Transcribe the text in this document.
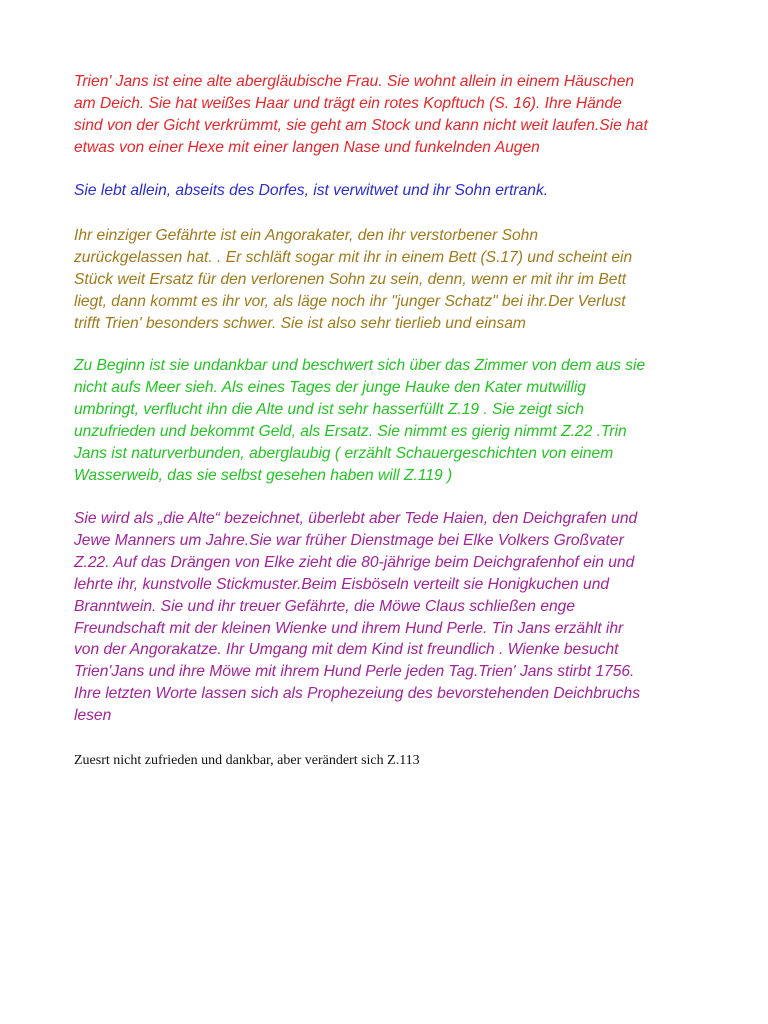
Trien' Jans ist eine alte abergläubische Frau. Sie wohnt allein in einem Häuschen
am Deich. Sie hat weißes Haar und trägt ein rotes Kopftuch (S. 16). Ihre Hände
sind von der Gicht verkrümmt, sie geht am Stock und kann nicht weit laufen.Sie hat
etwas von einer Hexe mit einer langen Nase und funkelnden Augen

Sie lebt allein, abseits des Dorfes, ist verwitwet und ihr Sohn ertrank.

Ihr einziger Gefährte ist ein Angorakater, den ihr verstorbener Sohn
zurückgelassen hat. . Er schläft sogar mit ihr in einem Bett (S.17) und scheint ein
Stück weit Ersatz für den verlorenen Sohn zu sein, denn, wenn er mit ihr im Bett
liegt, dann kommt es ihr vor, als läge noch ihr "junger Schatz" bei ihr.Der Verlust
trifft Trien' besonders schwer. Sie ist also sehr tierlieb und einsam

Zu Beginn ist sie undankbar und beschwert sich über das Zimmer von dem aus sie
nicht aufs Meer sieh. Als eines Tages der junge Hauke den Kater mutwillig
umbringt, verflucht ihn die Alte und ist sehr hasserfüllt Z.19 . Sie zeigt sich
unzufrieden und bekommt Geld, als Ersatz. Sie nimmt es gierig nimmt Z.22 .Trin
Jans ist naturverbunden, aberglaubig ( erzählt Schauergeschichten von einem
Wasserweib, das sie selbst gesehen haben will Z.119 )

Sie wird als „die Alte“ bezeichnet, überlebt aber Tede Haien, den Deichgrafen und
Jewe Manners um Jahre.Sie war früher Dienstmage bei Elke Volkers Großvater
Z.22. Auf das Drängen von Elke zieht die 80-jährige beim Deichgrafenhof ein und
lehrte ihr, kunstvolle Stickmuster.Beim Eisböseln verteilt sie Honigkuchen und
Branntwein. Sie und ihr treuer Gefährte, die Möwe Claus schließen enge
Freundschaft mit der kleinen Wienke und ihrem Hund Perle. Tin Jans erzählt ihr
von der Angorakatze. Ihr Umgang mit dem Kind ist freundlich . Wienke besucht
Trien'Jans und ihre Möwe mit ihrem Hund Perle jeden Tag.Trien' Jans stirbt 1756.
Ihre letzten Worte lassen sich als Prophezeiung des bevorstehenden Deichbruchs
lesen

Zuesrt nicht zufrieden und dankbar, aber verändert sich Z.113
